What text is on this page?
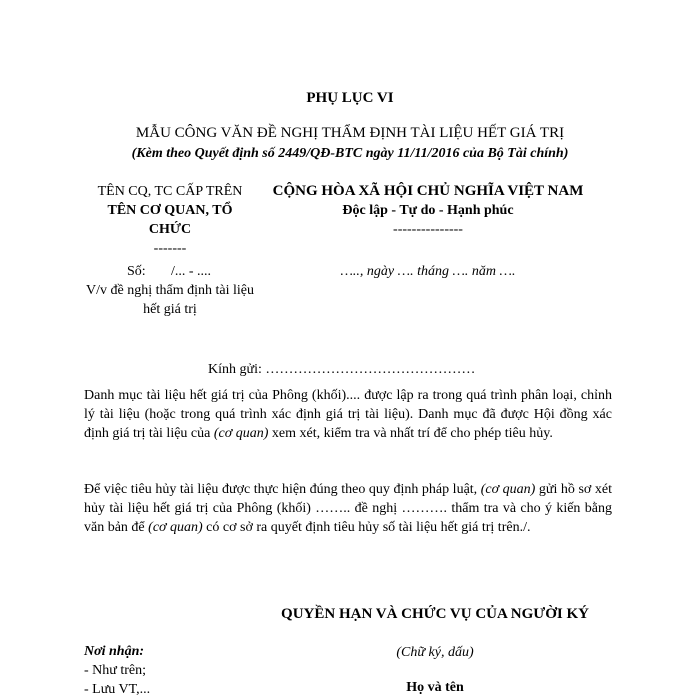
PHỤ LỤC VI
MẪU CÔNG VĂN ĐỀ NGHỊ THẨM ĐỊNH TÀI LIỆU HẾT GIÁ TRỊ
(Kèm theo Quyết định số 2449/QĐ-BTC ngày 11/11/2016 của Bộ Tài chính)
TÊN CQ, TC CẤP TRÊN
TÊN CƠ QUAN, TỔ
CHỨC
-------
Số: /... - ....
V/v đề nghị thẩm định tài liệu
hết giá trị
CỘNG HÒA XÃ HỘI CHỦ NGHĨA VIỆT NAM
Độc lập - Tự do - Hạnh phúc
---------------
….., ngày …. tháng …. năm ….
Kính gửi: ………………………………………
Danh mục tài liệu hết giá trị của Phông (khối).... được lập ra trong quá trình phân loại, chỉnh lý tài liệu (hoặc trong quá trình xác định giá trị tài liệu). Danh mục đã được Hội đồng xác định giá trị tài liệu của (cơ quan) xem xét, kiểm tra và nhất trí để cho phép tiêu hủy.
Để việc tiêu hủy tài liệu được thực hiện đúng theo quy định pháp luật, (cơ quan) gửi hồ sơ xét hủy tài liệu hết giá trị của Phông (khối) …….. đề nghị ………. thẩm tra và cho ý kiến bằng văn bản để (cơ quan) có cơ sở ra quyết định tiêu hủy số tài liệu hết giá trị trên./.
QUYỀN HẠN VÀ CHỨC VỤ CỦA NGƯỜI KÝ
(Chữ ký, dấu)
Họ và tên
Nơi nhận:
- Như trên;
- Lưu VT,...
